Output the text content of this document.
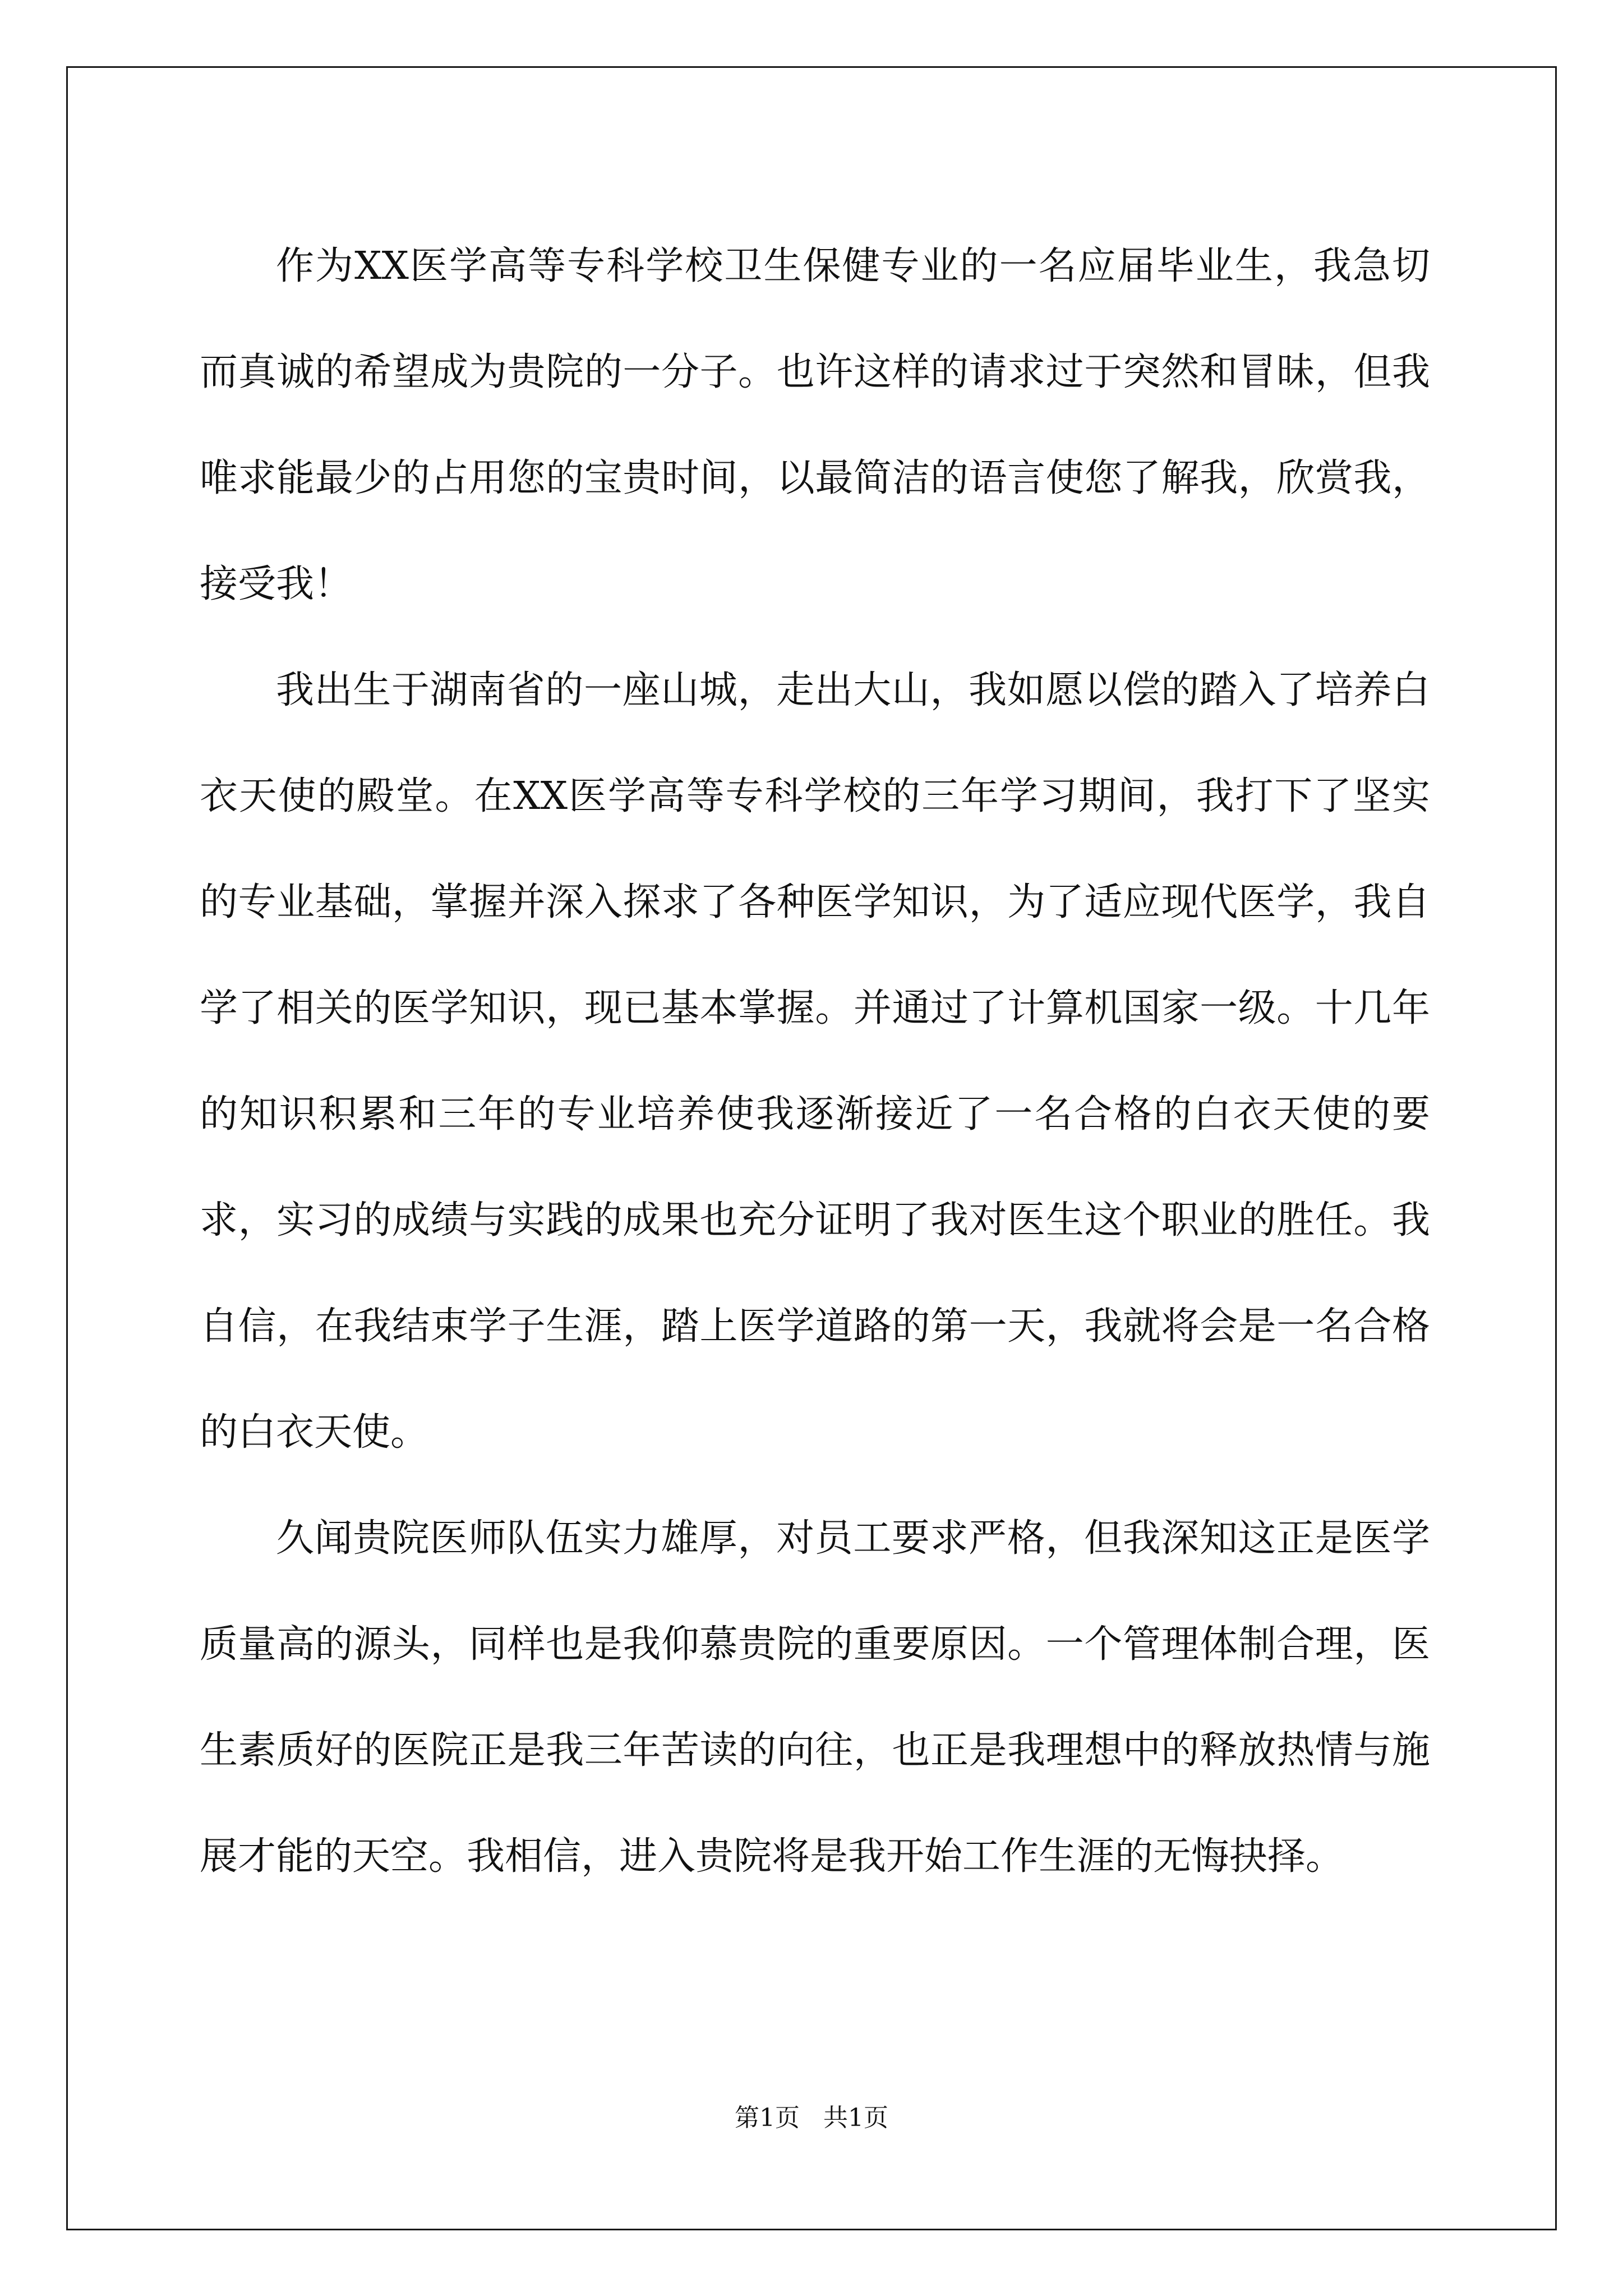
作为XX医学高等专科学校卫生保健专业的一名应届毕业生，我急切而真诚的希望成为贵院的一分子。也许这样的请求过于突然和冒昧，但我唯求能最少的占用您的宝贵时间，以最简洁的语言使您了解我，欣赏我，接受我！

我出生于湖南省的一座山城，走出大山，我如愿以偿的踏入了培养白衣天使的殿堂。在XX医学高等专科学校的三年学习期间，我打下了坚实的专业基础，掌握并深入探求了各种医学知识，为了适应现代医学，我自学了相关的医学知识，现已基本掌握。并通过了计算机国家一级。十几年的知识积累和三年的专业培养使我逐渐接近了一名合格的白衣天使的要求，实习的成绩与实践的成果也充分证明了我对医生这个职业的胜任。我自信，在我结束学子生涯，踏上医学道路的第一天，我就将会是一名合格的白衣天使。

久闻贵院医师队伍实力雄厚，对员工要求严格，但我深知这正是医学质量高的源头，同样也是我仰慕贵院的重要原因。一个管理体制合理，医生素质好的医院正是我三年苦读的向往，也正是我理想中的释放热情与施展才能的天空。我相信，进入贵院将是我开始工作生涯的无悔抉择。

第1页 共1页
